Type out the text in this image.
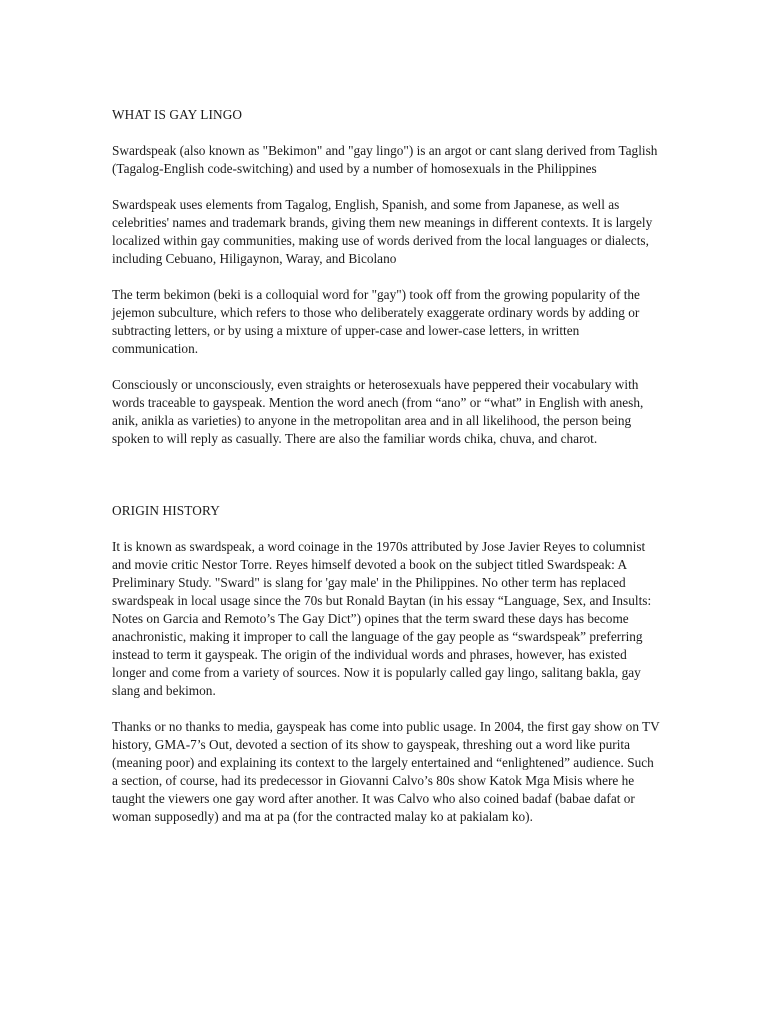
WHAT IS GAY LINGO

Swardspeak (also known as "Bekimon" and "gay lingo") is an argot or cant slang derived from Taglish (Tagalog-English code-switching) and used by a number of homosexuals in the Philippines

Swardspeak uses elements from Tagalog, English, Spanish, and some from Japanese, as well as celebrities' names and trademark brands, giving them new meanings in different contexts. It is largely localized within gay communities, making use of words derived from the local languages or dialects, including Cebuano, Hiligaynon, Waray, and Bicolano

The term bekimon (beki is a colloquial word for "gay") took off from the growing popularity of the jejemon subculture, which refers to those who deliberately exaggerate ordinary words by adding or subtracting letters, or by using a mixture of upper-case and lower-case letters, in written communication.

Consciously or unconsciously, even straights or heterosexuals have peppered their vocabulary with words traceable to gayspeak. Mention the word anech (from “ano” or “what” in English with anesh, anik, anikla as varieties) to anyone in the metropolitan area and in all likelihood, the person being spoken to will reply as casually. There are also the familiar words chika, chuva, and charot.

ORIGIN HISTORY

It is known as swardspeak, a word coinage in the 1970s attributed by Jose Javier Reyes to columnist and movie critic Nestor Torre. Reyes himself devoted a book on the subject titled Swardspeak: A Preliminary Study. "Sward" is slang for 'gay male' in the Philippines. No other term has replaced swardspeak in local usage since the 70s but Ronald Baytan (in his essay “Language, Sex, and Insults: Notes on Garcia and Remoto’s The Gay Dict”) opines that the term sward these days has become anachronistic, making it improper to call the language of the gay people as “swardspeak” preferring instead to term it gayspeak. The origin of the individual words and phrases, however, has existed longer and come from a variety of sources. Now it is popularly called gay lingo, salitang bakla, gay slang and bekimon.

Thanks or no thanks to media, gayspeak has come into public usage. In 2004, the first gay show on TV history, GMA-7’s Out, devoted a section of its show to gayspeak, threshing out a word like purita (meaning poor) and explaining its context to the largely entertained and “enlightened” audience. Such a section, of course, had its predecessor in Giovanni Calvo’s 80s show Katok Mga Misis where he taught the viewers one gay word after another. It was Calvo who also coined badaf (babae dafat or woman supposedly) and ma at pa (for the contracted malay ko at pakialam ko).
